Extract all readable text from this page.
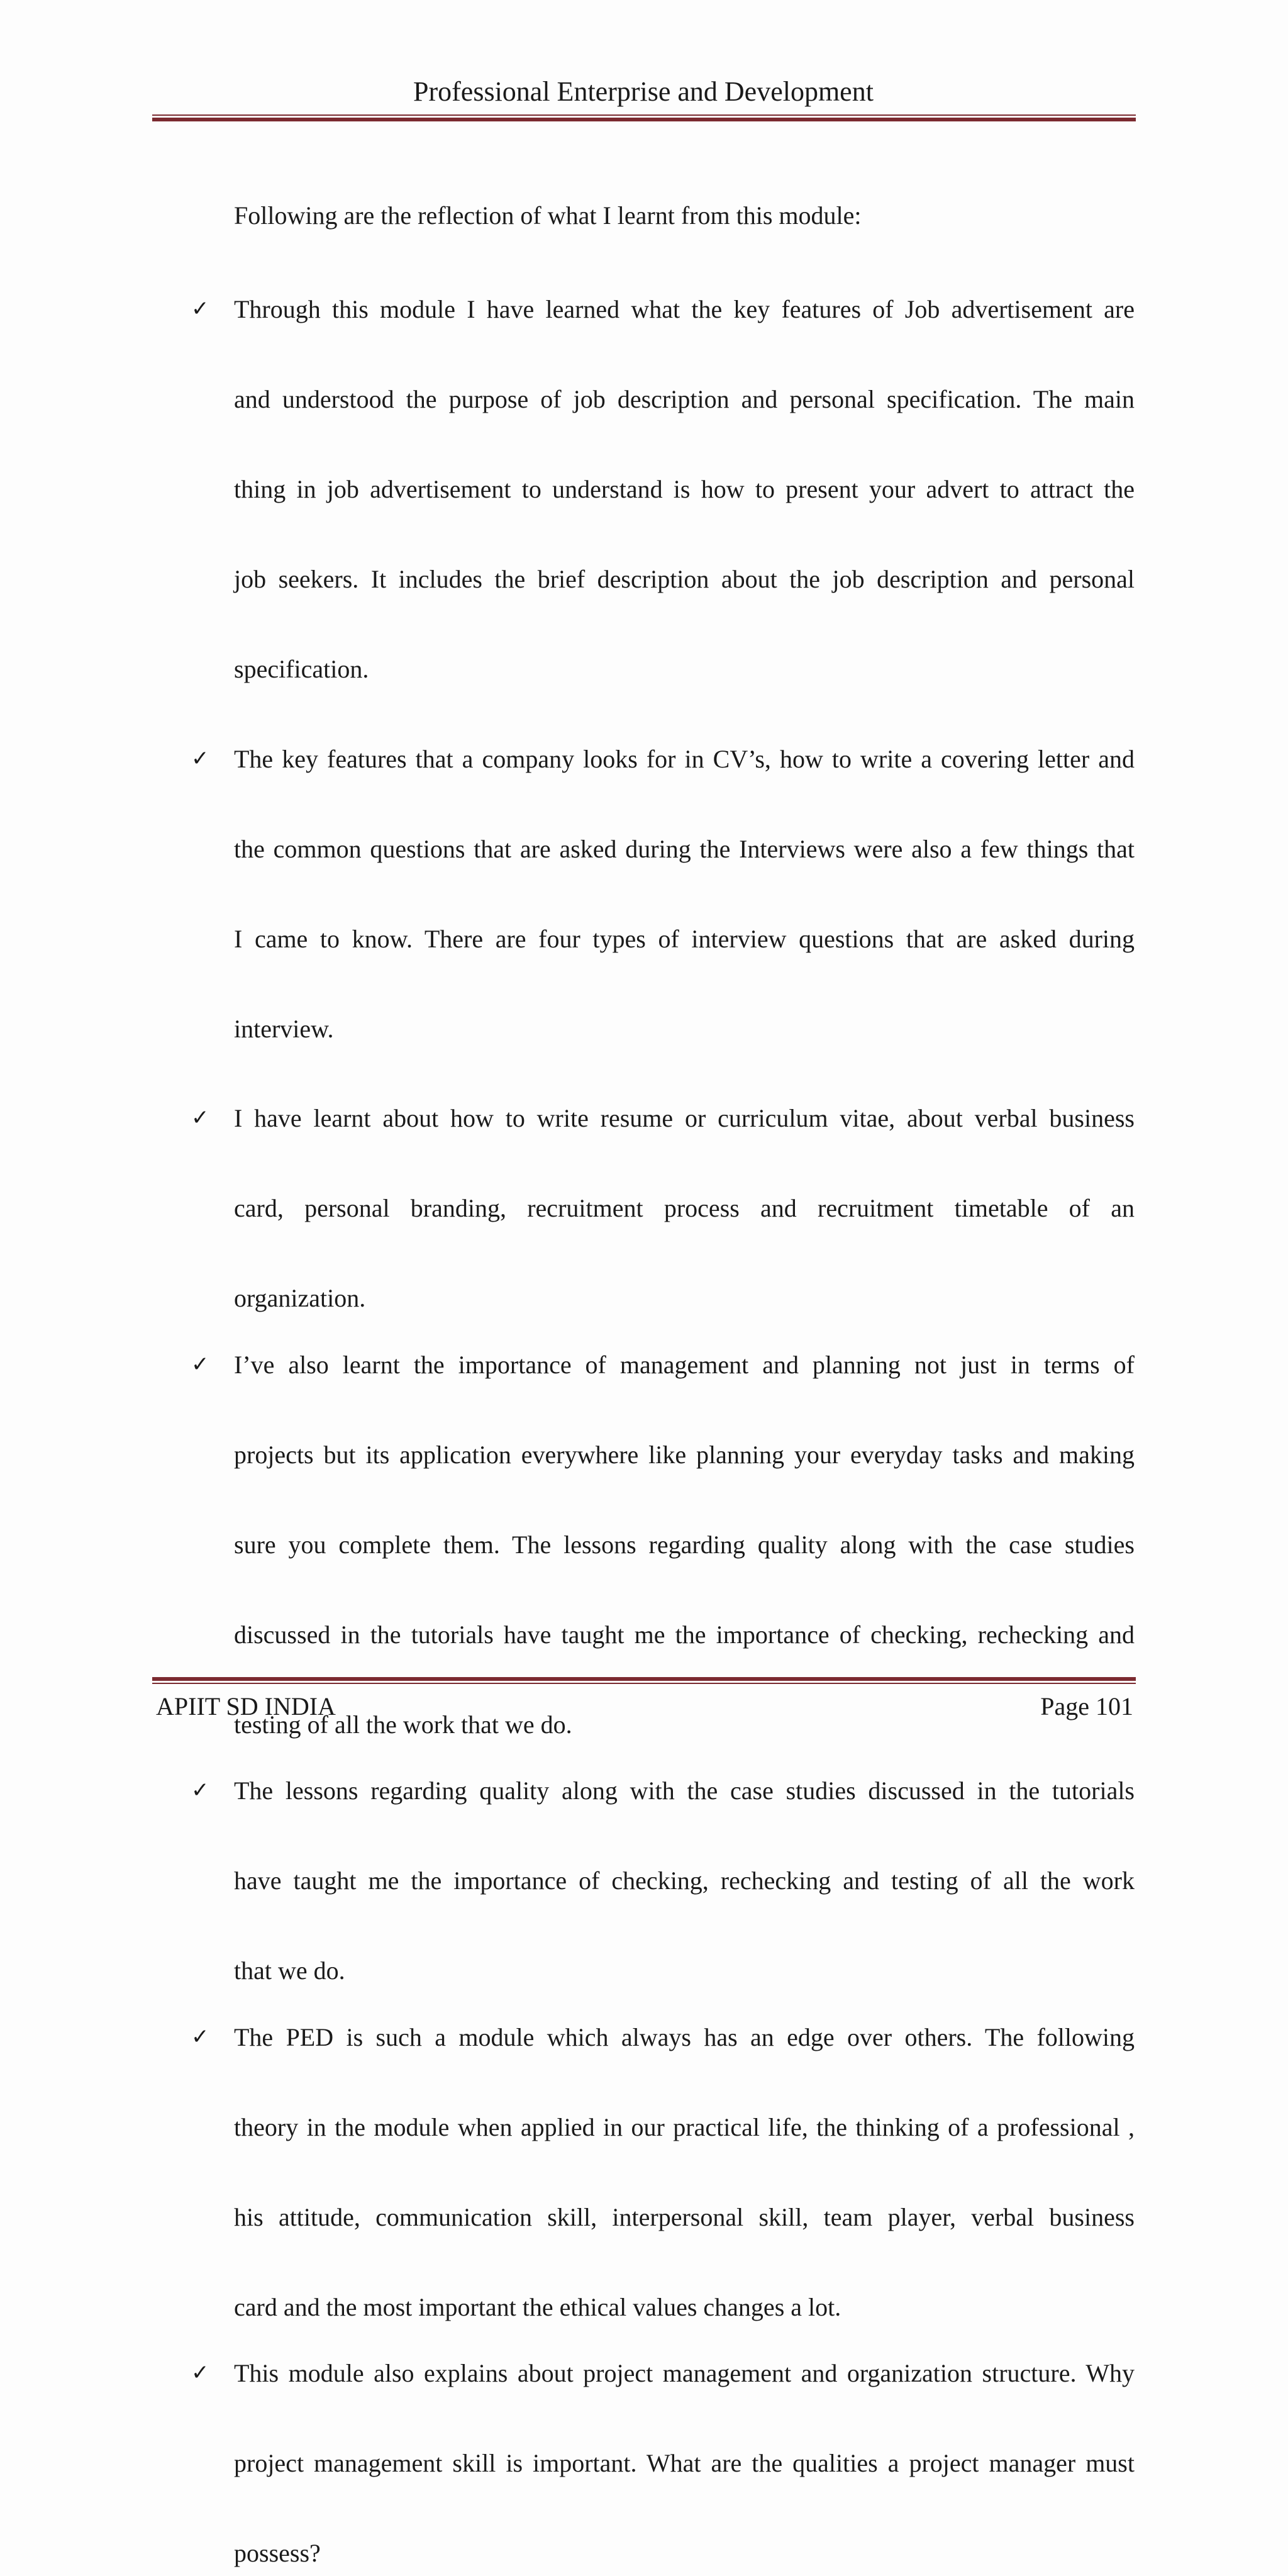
Professional Enterprise and Development
Following are the reflection of what I learnt from this module:
✓ Through this module I have learned what the key features of Job advertisement are
and understood the purpose of job description and personal specification. The main
thing in job advertisement to understand is how to present your advert to attract the
job seekers. It includes the brief description about the job description and personal
specification.
✓ The key features that a company looks for in CV’s, how to write a covering letter and
the common questions that are asked during the Interviews were also a few things that
I came to know. There are four types of interview questions that are asked during
interview.
✓ I have learnt about how to write resume or curriculum vitae, about verbal business
card, personal branding, recruitment process and recruitment timetable of an
organization.
✓ I’ve also learnt the importance of management and planning not just in terms of
projects but its application everywhere like planning your everyday tasks and making
sure you complete them. The lessons regarding quality along with the case studies
discussed in the tutorials have taught me the importance of checking, rechecking and
testing of all the work that we do.
✓ The lessons regarding quality along with the case studies discussed in the tutorials
have taught me the importance of checking, rechecking and testing of all the work
that we do.
✓ The PED is such a module which always has an edge over others. The following
theory in the module when applied in our practical life, the thinking of a professional ,
his attitude, communication skill, interpersonal skill, team player, verbal business
card and the most important the ethical values changes a lot.
✓ This module also explains about project management and organization structure. Why
project management skill is important. What are the qualities a project manager must
possess?
APIIT SD INDIA	Page 101
